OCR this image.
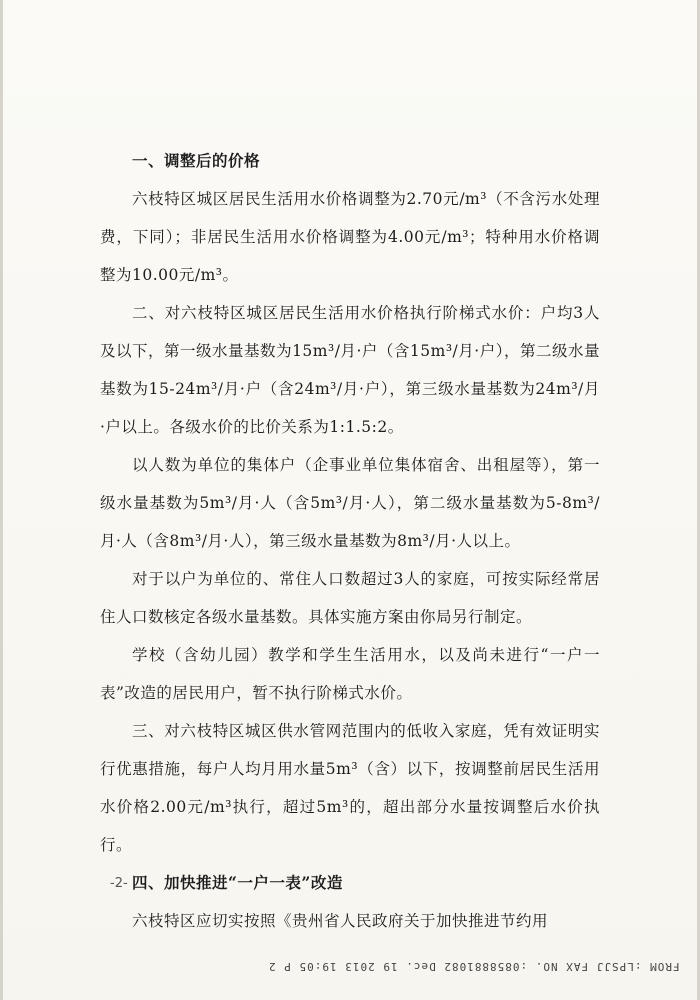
一、调整后的价格

六枝特区城区居民生活用水价格调整为2.70元/m³（不含污水处理费，下同）；非居民生活用水价格调整为4.00元/m³；特种用水价格调整为10.00元/m³。

二、对六枝特区城区居民生活用水价格执行阶梯式水价：户均3人及以下，第一级水量基数为15m³/月·户（含15m³/月·户），第二级水量基数为15-24m³/月·户（含24m³/月·户），第三级水量基数为24m³/月·户以上。各级水价的比价关系为1:1.5:2。

以人数为单位的集体户（企事业单位集体宿舍、出租屋等），第一级水量基数为5m³/月·人（含5m³/月·人），第二级水量基数为5-8m³/月·人（含8m³/月·人），第三级水量基数为8m³/月·人以上。

对于以户为单位的、常住人口数超过3人的家庭，可按实际经常居住人口数核定各级水量基数。具体实施方案由你局另行制定。

学校（含幼儿园）教学和学生生活用水，以及尚未进行“一户一表”改造的居民用户，暂不执行阶梯式水价。

三、对六枝特区城区供水管网范围内的低收入家庭，凭有效证明实行优惠措施，每户人均月用水量5m³（含）以下，按调整前居民生活用水价格2.00元/m³执行，超过5m³的，超出部分水量按调整后水价执行。

四、加快推进“一户一表”改造

六枝特区应切实按照《贵州省人民政府关于加快推进节约用

-2-
FROM :LPSJJ FAX NO. :0858881082 Dec. 19 2013 19:05 P 2
